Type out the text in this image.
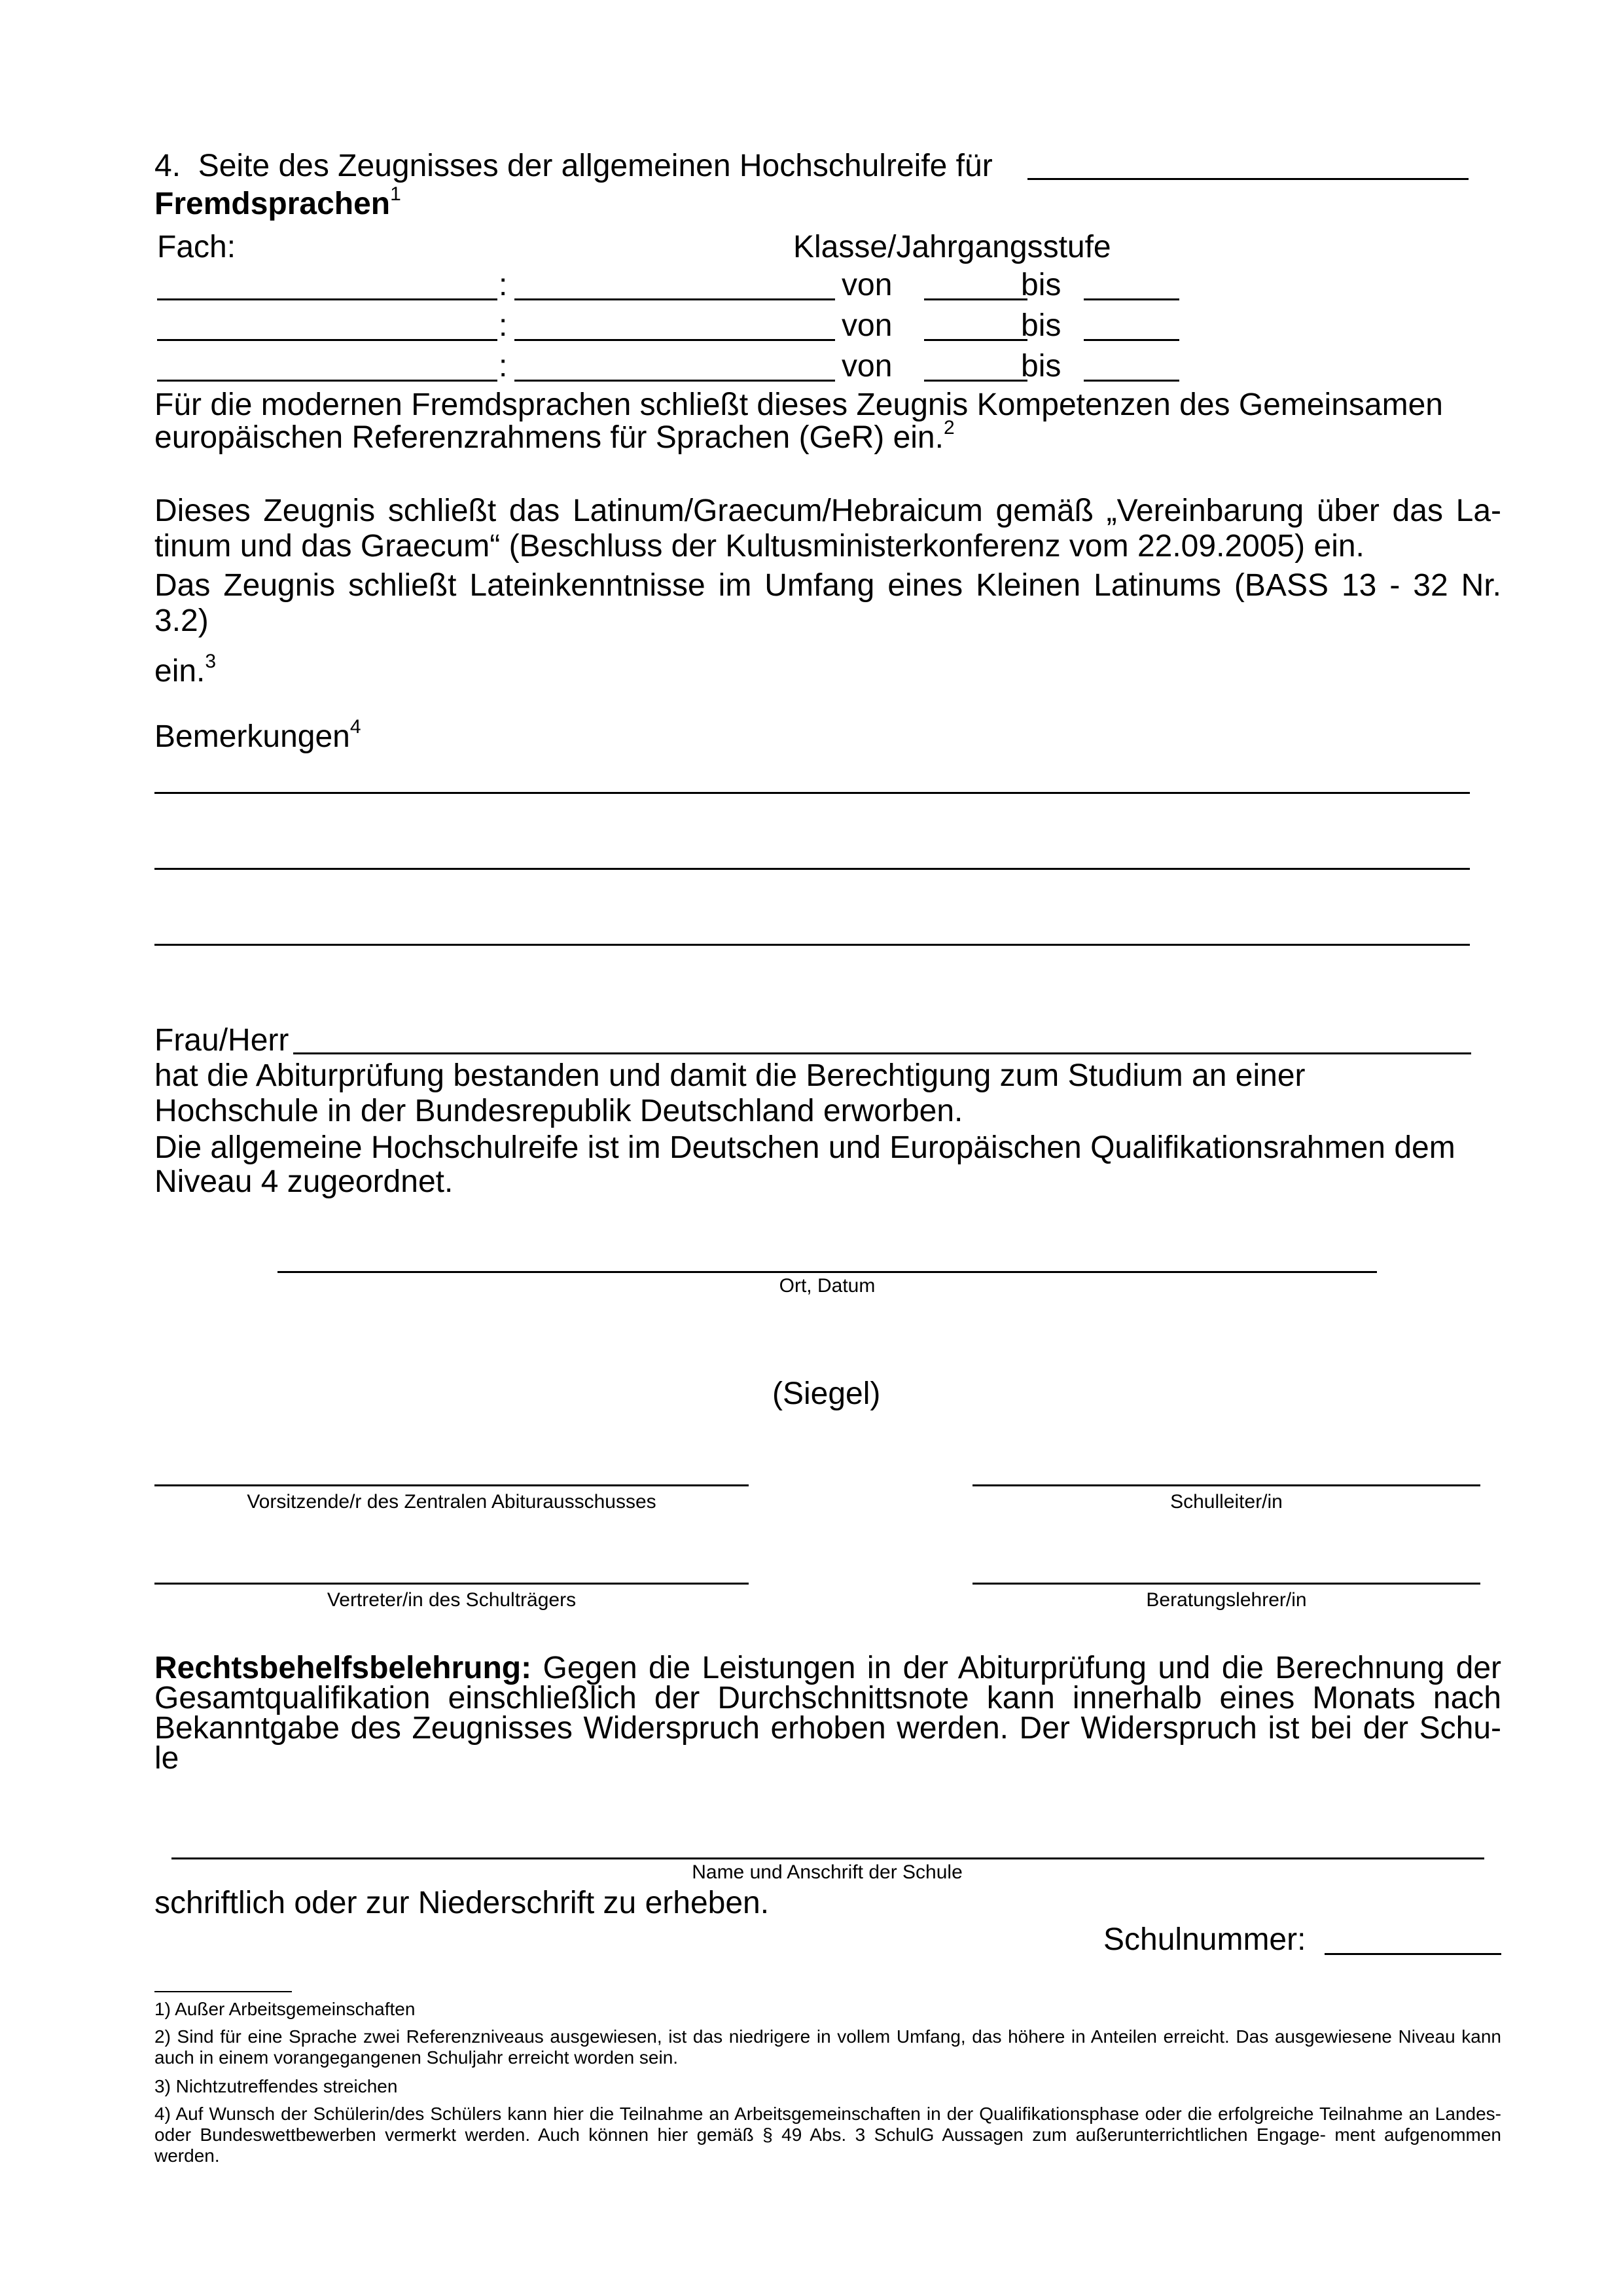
4. Seite des Zeugnisses der allgemeinen Hochschulreife für
Fremdsprachen$^1$
Fach:	Klasse/Jahrgangsstufe
:	von	bis
:	von	bis
:	von	bis
Für die modernen Fremdsprachen schließt dieses Zeugnis Kompetenzen des Gemeinsamen europäischen Referenzrahmens für Sprachen (GeR) ein.$^2$
Dieses Zeugnis schließt das Latinum/Graecum/Hebraicum gemäß „Vereinbarung über das La- tinum und das Graecum“ (Beschluss der Kultusministerkonferenz vom 22.09.2005) ein.
Das Zeugnis schließt Lateinkenntnisse im Umfang eines Kleinen Latinums (BASS 13 - 32 Nr. 3.2)
ein.$^3$
Bemerkungen$^4$
Frau/Herr
hat die Abiturprüfung bestanden und damit die Berechtigung zum Studium an einer
Hochschule in der Bundesrepublik Deutschland erworben.
Die allgemeine Hochschulreife ist im Deutschen und Europäischen Qualifikationsrahmen dem
Niveau 4 zugeordnet.
Ort, Datum
(Siegel)
Vorsitzende/r des Zentralen Abiturausschusses	Schulleiter/in
Vertreter/in des Schulträgers	Beratungslehrer/in
Rechtsbehelfsbelehrung: Gegen die Leistungen in der Abiturprüfung und die Berechnung der Gesamtqualifikation einschließlich der Durchschnittsnote kann innerhalb eines Monats nach Bekanntgabe des Zeugnisses Widerspruch erhoben werden. Der Widerspruch ist bei der Schu- le
Name und Anschrift der Schule
schriftlich oder zur Niederschrift zu erheben.
Schulnummer:
1) Außer Arbeitsgemeinschaften
2) Sind für eine Sprache zwei Referenzniveaus ausgewiesen, ist das niedrigere in vollem Umfang, das höhere in Anteilen erreicht. Das ausgewiesene Niveau kann auch in einem vorangegangenen Schuljahr erreicht worden sein.
3) Nichtzutreffendes streichen
4) Auf Wunsch der Schülerin/des Schülers kann hier die Teilnahme an Arbeitsgemeinschaften in der Qualifikationsphase oder die erfolgreiche Teilnahme an Landes- oder Bundeswettbewerben vermerkt werden. Auch können hier gemäß § 49 Abs. 3 SchulG Aussagen zum außerunterrichtlichen Engage- ment aufgenommen werden.
